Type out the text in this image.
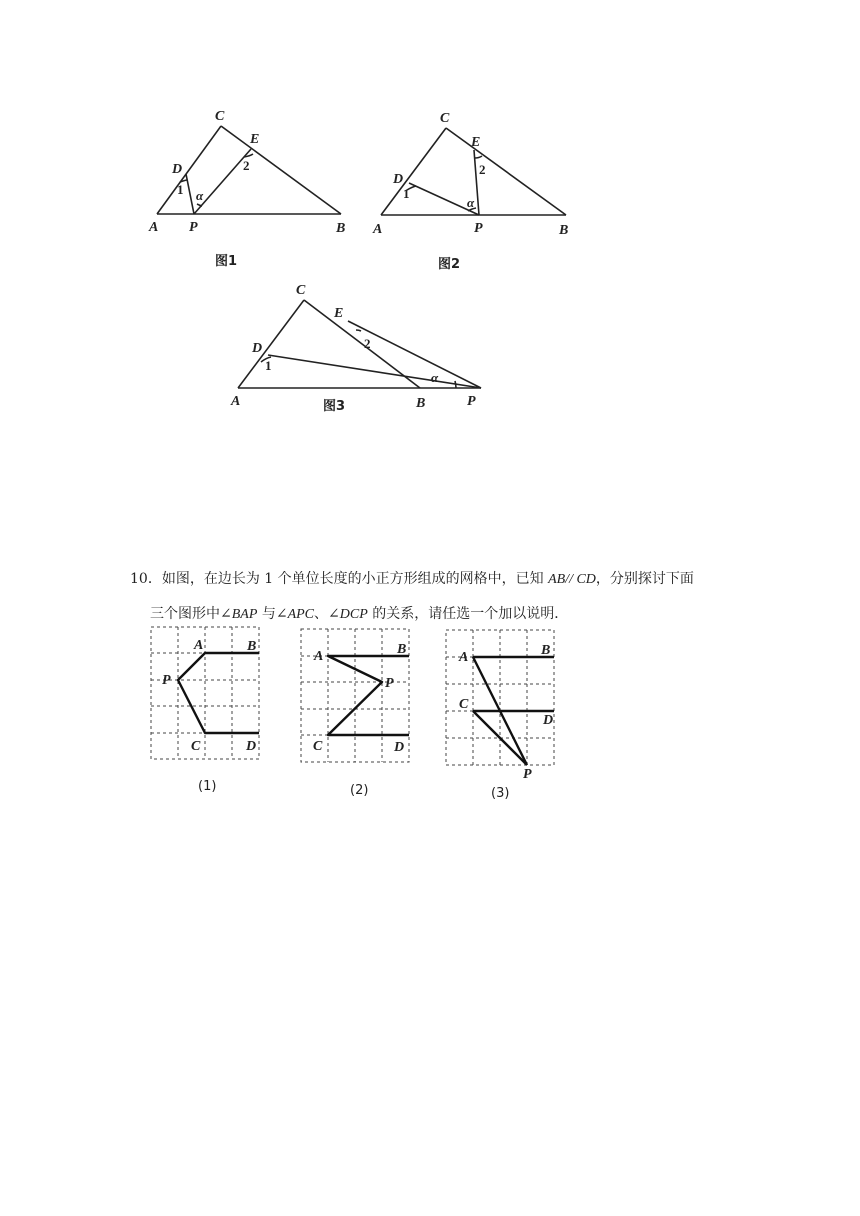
C
E
D
1
2
α
A P	B
图1
C
E
D
1
2
α
A	P	B
图2
C
E
D
1
2
α
A	图3	B	P
10．如图，在边长为 1 个单位长度的小正方形组成的网格中，已知 AB// CD，分别探讨下面
三个图形中∠BAP 与∠APC、∠DCP 的关系，请任选一个加以说明．
A	B
P
C	D
(1)
A	B
P
C	D
(2)
A	B
C
D
P
(3)
